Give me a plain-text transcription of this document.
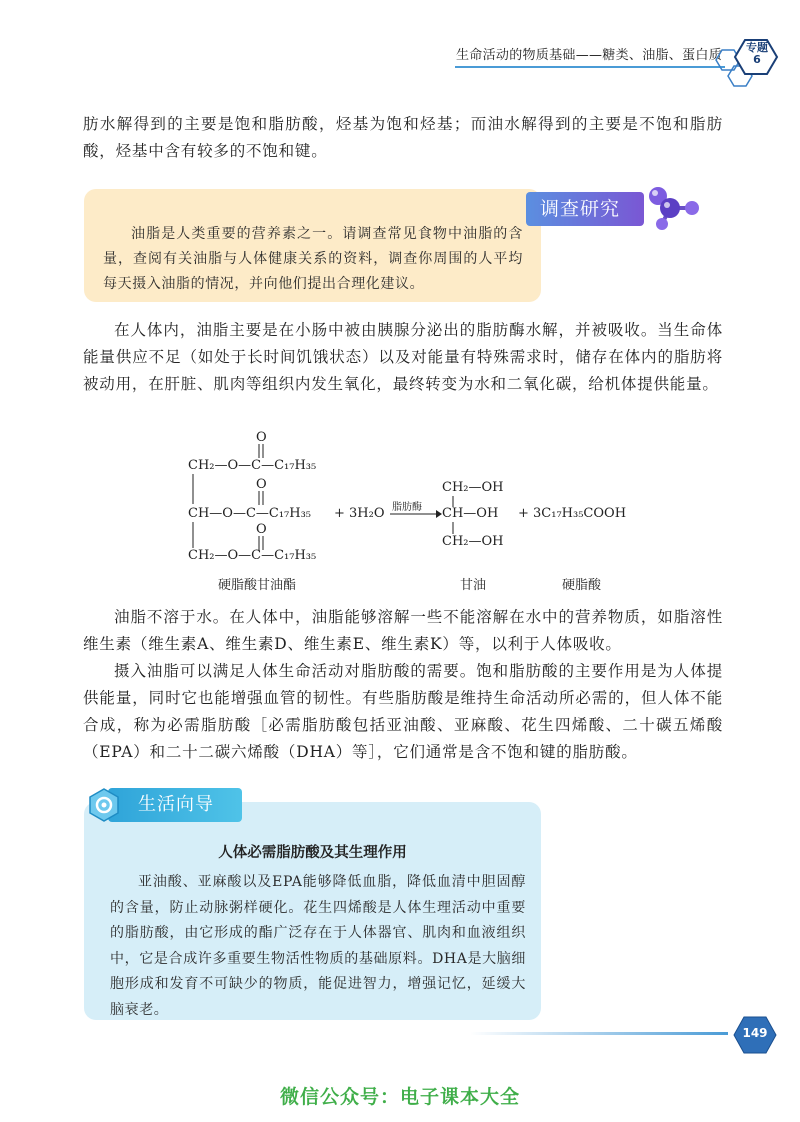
生命活动的物质基础——糖类、油脂、蛋白质
专题
6
肪水解得到的主要是饱和脂肪酸，烃基为饱和烃基；而油水解得到的主要是不饱和脂肪酸，烃基中含有较多的不饱和键。
调查研究
油脂是人类重要的营养素之一。请调查常见食物中油脂的含量，查阅有关油脂与人体健康关系的资料，调查你周围的人平均每天摄入油脂的情况，并向他们提出合理化建议。
在人体内，油脂主要是在小肠中被由胰腺分泌出的脂肪酶水解，并被吸收。当生命体能量供应不足（如处于长时间饥饿状态）以及对能量有特殊需求时，储存在体内的脂肪将被动用，在肝脏、肌肉等组织内发生氧化，最终转变为水和二氧化碳，给机体提供能量。
O
CH₂—O—C—C₁₇H₃₅
O
CH—O—C—C₁₇H₃₅
O
CH₂—O—C—C₁₇H₃₅
+ 3H₂O 脂肪酶
CH₂—OH
CH—OH
CH₂—OH
+ 3C₁₇H₃₅COOH
硬脂酸甘油酯	甘油	硬脂酸
油脂不溶于水。在人体中，油脂能够溶解一些不能溶解在水中的营养物质，如脂溶性维生素（维生素A、维生素D、维生素E、维生素K）等，以利于人体吸收。
摄入油脂可以满足人体生命活动对脂肪酸的需要。饱和脂肪酸的主要作用是为人体提供能量，同时它也能增强血管的韧性。有些脂肪酸是维持生命活动所必需的，但人体不能合成，称为必需脂肪酸［必需脂肪酸包括亚油酸、亚麻酸、花生四烯酸、二十碳五烯酸（EPA）和二十二碳六烯酸（DHA）等］，它们通常是含不饱和键的脂肪酸。
生活向导
人体必需脂肪酸及其生理作用
亚油酸、亚麻酸以及EPA能够降低血脂，降低血清中胆固醇的含量，防止动脉粥样硬化。花生四烯酸是人体生理活动中重要的脂肪酸，由它形成的酯广泛存在于人体器官、肌肉和血液组织中，它是合成许多重要生物活性物质的基础原料。DHA是大脑细胞形成和发育不可缺少的物质，能促进智力，增强记忆，延缓大脑衰老。
149
微信公众号：电子课本大全
